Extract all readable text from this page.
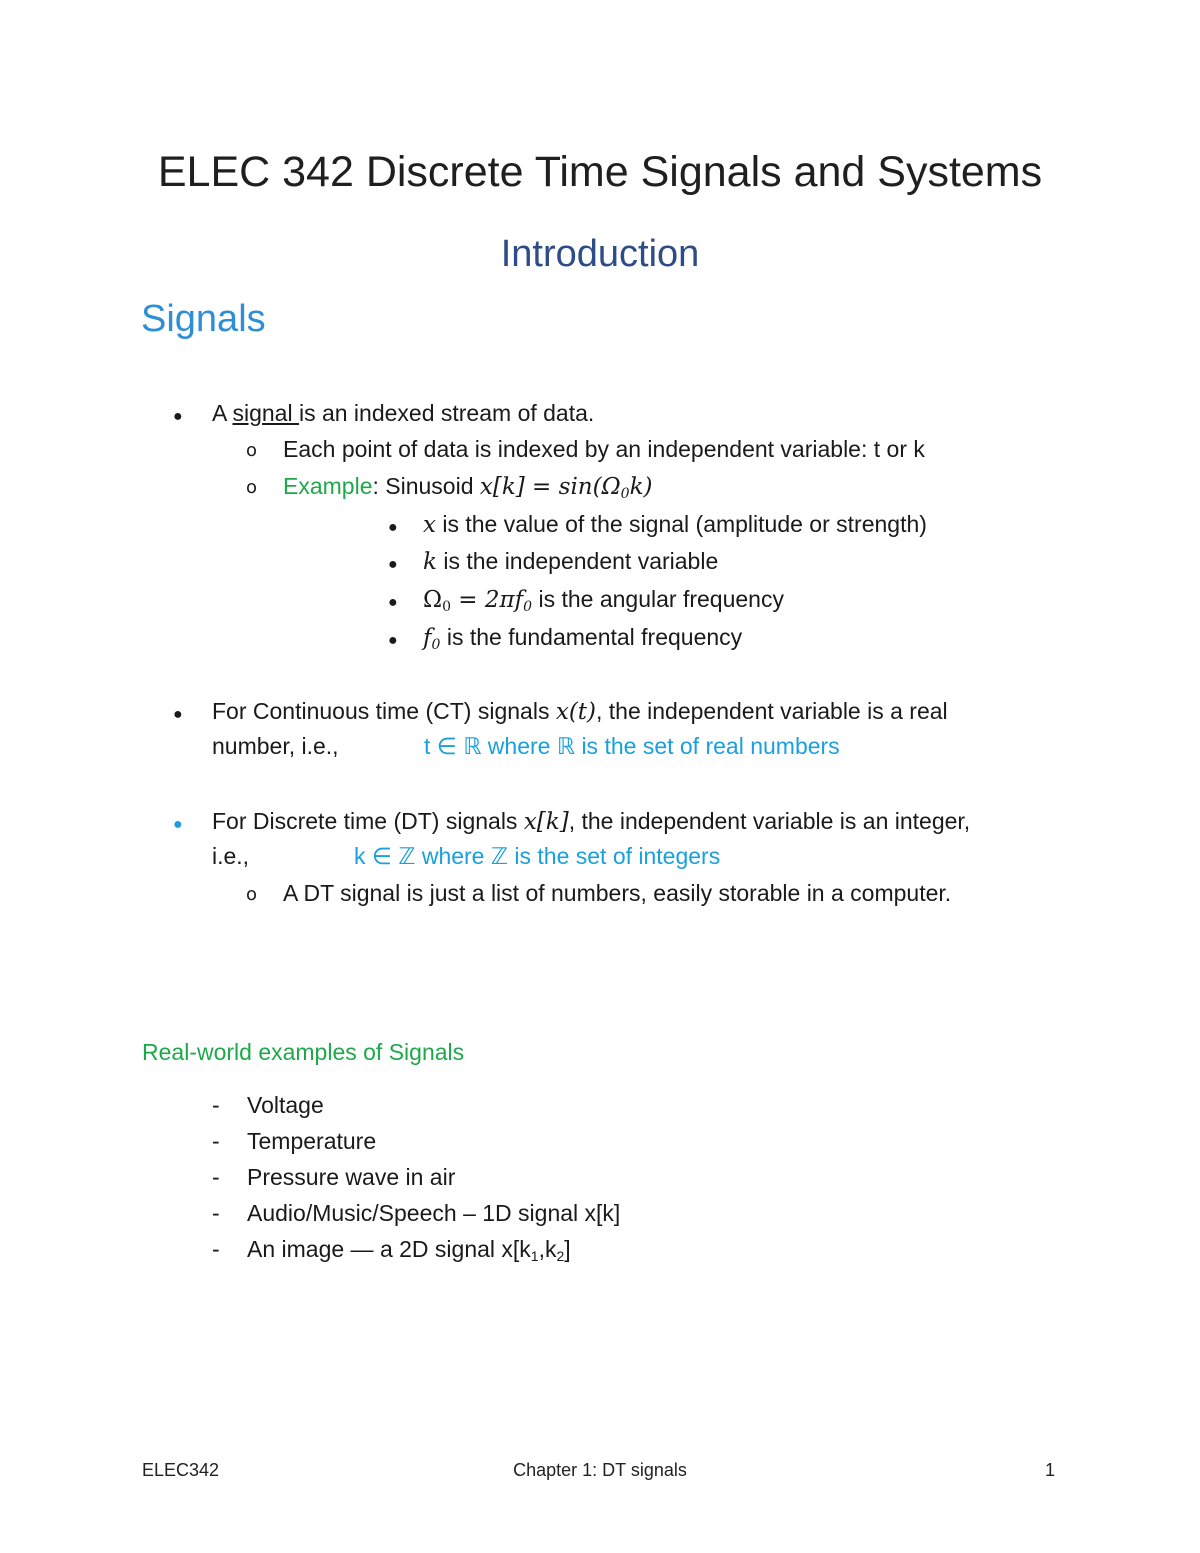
ELEC 342 Discrete Time Signals and Systems
Introduction
Signals
● A signal is an indexed stream of data.
o Each point of data is indexed by an independent variable: t or k
o Example: Sinusoid $x[k] = \sin(\Omega_0k)$
● x is the value of the signal (amplitude or strength)
● k is the independent variable
● $\Omega_0 = 2\pi f_0$ is the angular frequency
● $f_0$ is the fundamental frequency
● For Continuous time (CT) signals x(t), the independent variable is a real
number, i.e.,	t ∈ ℝ where ℝ is the set of real numbers
● For Discrete time (DT) signals x[k], the independent variable is an integer,
i.e.,	k ∈ ℤ where ℤ is the set of integers
o A DT signal is just a list of numbers, easily storable in a computer.
Real-world examples of Signals
- Voltage
- Temperature
- Pressure wave in air
- Audio/Music/Speech – 1D signal x[k]
- An image — a 2D signal $x[k_1,k_2]$
ELEC342	Chapter 1: DT signals	1
